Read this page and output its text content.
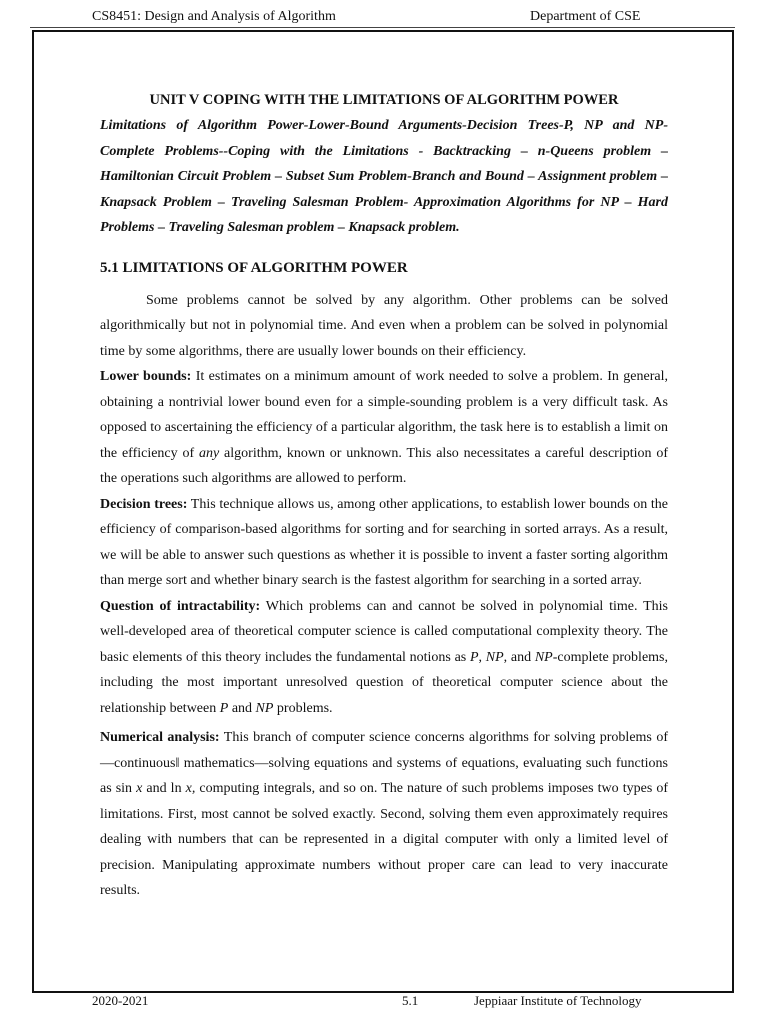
CS8451: Design and Analysis of Algorithm	Department of CSE
UNIT V COPING WITH THE LIMITATIONS OF ALGORITHM POWER

Limitations of Algorithm Power-Lower-Bound Arguments-Decision Trees-P, NP and NP-Complete Problems--Coping with the Limitations - Backtracking – n-Queens problem – Hamiltonian Circuit Problem – Subset Sum Problem-Branch and Bound – Assignment problem – Knapsack Problem – Traveling Salesman Problem- Approximation Algorithms for NP – Hard Problems – Traveling Salesman problem – Knapsack problem.

5.1 LIMITATIONS OF ALGORITHM POWER

Some problems cannot be solved by any algorithm. Other problems can be solved algorithmically but not in polynomial time. And even when a problem can be solved in polynomial time by some algorithms, there are usually lower bounds on their efficiency.

Lower bounds: It estimates on a minimum amount of work needed to solve a problem. In general, obtaining a nontrivial lower bound even for a simple-sounding problem is a very difficult task. As opposed to ascertaining the efficiency of a particular algorithm, the task here is to establish a limit on the efficiency of any algorithm, known or unknown. This also necessitates a careful description of the operations such algorithms are allowed to perform.

Decision trees: This technique allows us, among other applications, to establish lower bounds on the efficiency of comparison-based algorithms for sorting and for searching in sorted arrays. As a result, we will be able to answer such questions as whether it is possible to invent a faster sorting algorithm than merge sort and whether binary search is the fastest algorithm for searching in a sorted array.

Question of intractability: Which problems can and cannot be solved in polynomial time. This well-developed area of theoretical computer science is called computational complexity theory. The basic elements of this theory includes the fundamental notions as P, NP, and NP-complete problems, including the most important unresolved question of theoretical computer science about the relationship between P and NP problems.

Numerical analysis: This branch of computer science concerns algorithms for solving problems of ―continuous‖ mathematics—solving equations and systems of equations, evaluating such functions as sin x and ln x, computing integrals, and so on. The nature of such problems imposes two types of limitations. First, most cannot be solved exactly. Second, solving them even approximately requires dealing with numbers that can be represented in a digital computer with only a limited level of precision. Manipulating approximate numbers without proper care can lead to very inaccurate results.

2020-2021	5.1	Jeppiaar Institute of Technology
